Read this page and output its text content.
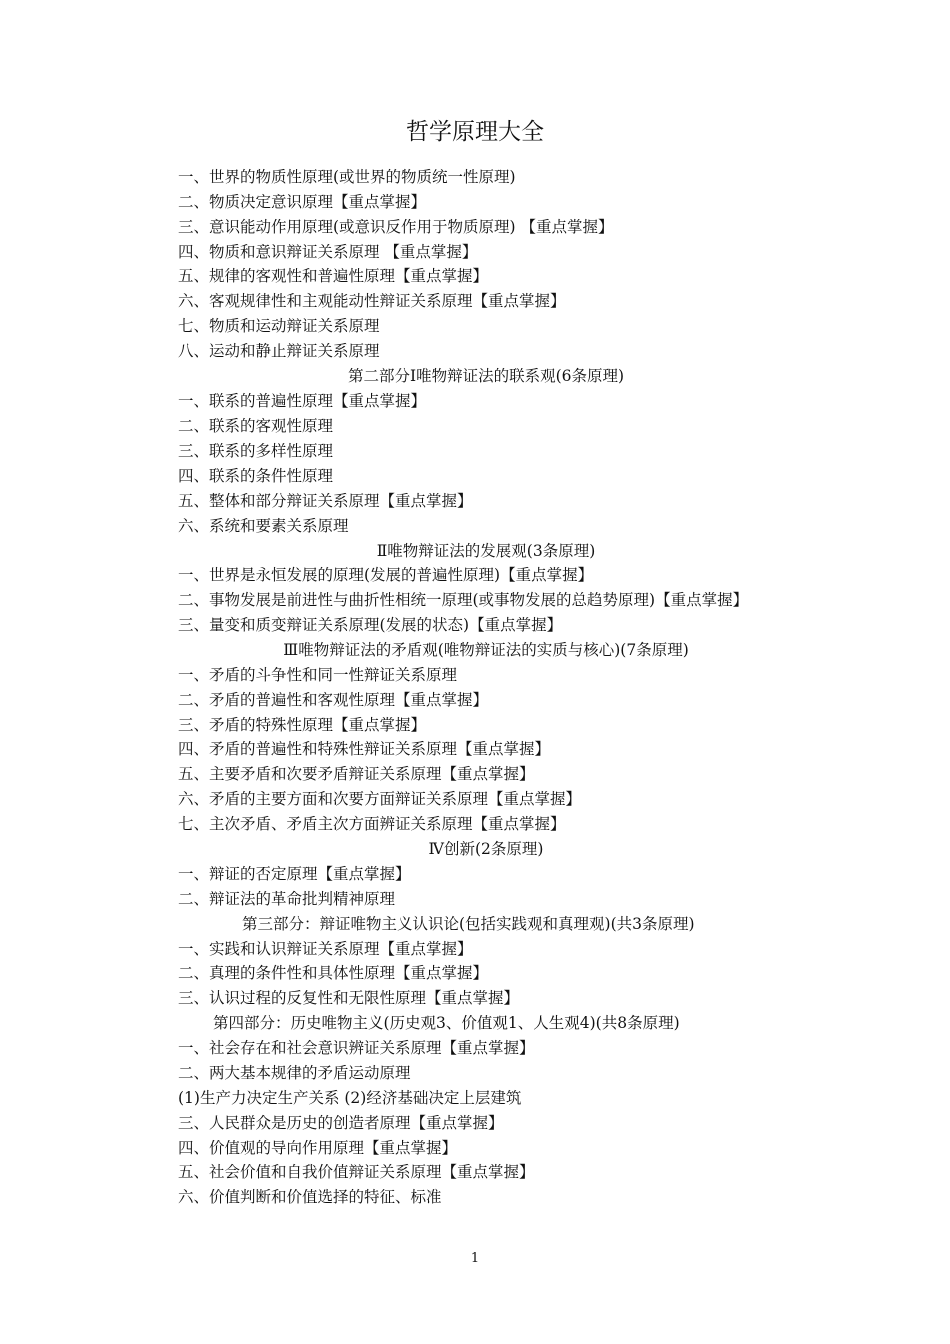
哲学原理大全
一、世界的物质性原理(或世界的物质统一性原理)
二、物质决定意识原理【重点掌握】
三、意识能动作用原理(或意识反作用于物质原理) 【重点掌握】
四、物质和意识辩证关系原理 【重点掌握】
五、规律的客观性和普遍性原理【重点掌握】
六、客观规律性和主观能动性辩证关系原理【重点掌握】
七、物质和运动辩证关系原理
八、运动和静止辩证关系原理
第二部分Ⅰ唯物辩证法的联系观(6条原理)
一、联系的普遍性原理【重点掌握】
二、联系的客观性原理
三、联系的多样性原理
四、联系的条件性原理
五、整体和部分辩证关系原理【重点掌握】
六、系统和要素关系原理
Ⅱ唯物辩证法的发展观(3条原理)
一、世界是永恒发展的原理(发展的普遍性原理)【重点掌握】
二、事物发展是前进性与曲折性相统一原理(或事物发展的总趋势原理)【重点掌握】
三、量变和质变辩证关系原理(发展的状态)【重点掌握】
Ⅲ唯物辩证法的矛盾观(唯物辩证法的实质与核心)(7条原理)
一、矛盾的斗争性和同一性辩证关系原理
二、矛盾的普遍性和客观性原理【重点掌握】
三、矛盾的特殊性原理【重点掌握】
四、矛盾的普遍性和特殊性辩证关系原理【重点掌握】
五、主要矛盾和次要矛盾辩证关系原理【重点掌握】
六、矛盾的主要方面和次要方面辩证关系原理【重点掌握】
七、主次矛盾、矛盾主次方面辨证关系原理【重点掌握】
Ⅳ创新(2条原理)
一、辩证的否定原理【重点掌握】
二、辩证法的革命批判精神原理
第三部分：辩证唯物主义认识论(包括实践观和真理观)(共3条原理)
一、实践和认识辩证关系原理【重点掌握】
二、真理的条件性和具体性原理【重点掌握】
三、认识过程的反复性和无限性原理【重点掌握】
第四部分：历史唯物主义(历史观3、价值观1、人生观4)(共8条原理)
一、社会存在和社会意识辨证关系原理【重点掌握】
二、两大基本规律的矛盾运动原理
(1)生产力决定生产关系 (2)经济基础决定上层建筑
三、人民群众是历史的创造者原理【重点掌握】
四、价值观的导向作用原理【重点掌握】
五、社会价值和自我价值辩证关系原理【重点掌握】
六、价值判断和价值选择的特征、标准
1
